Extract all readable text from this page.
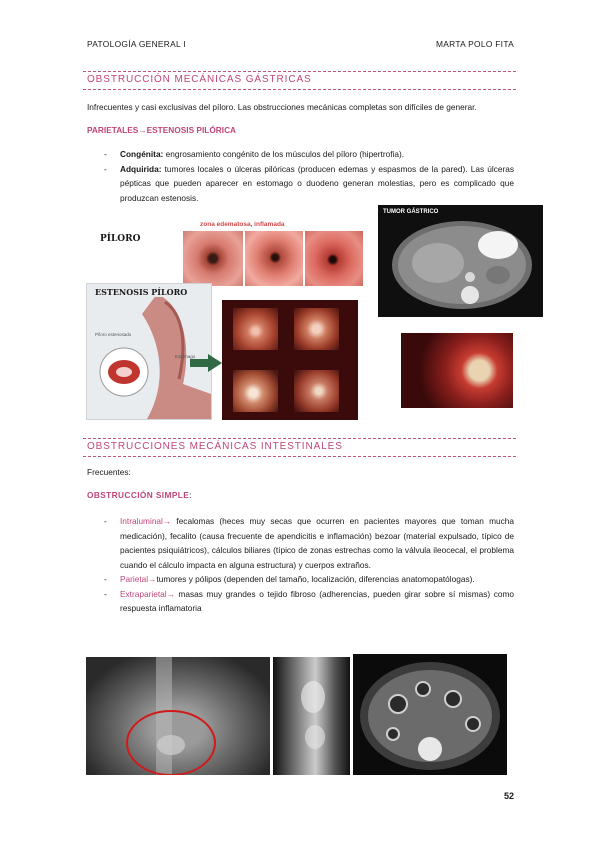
PATOLOGÍA GENERAL I	MARTA POLO FITA
OBSTRUCCIÓN MECÁNICAS GÁSTRICAS
Infrecuentes y casi exclusivas del píloro. Las obstrucciones mecánicas completas son difíciles de generar.
PARIETALES→ESTENOSIS PILÓRICA
- Congénita: engrosamiento congénito de los músculos del píloro (hipertrofia).
- Adquirida: tumores locales o úlceras pilóricas (producen edemas y espasmos de la pared). Las úlceras pépticas que pueden aparecer en estomago o duodeno generan molestias, pero es complicado que produzcan estenosis.
PÍLORO
zona edematosa, inflamada
TUMOR GÁSTRICO
Píloro estenosado
Estómago
ESTENOSIS PÍLORO
OBSTRUCCIONES MECÁNICAS INTESTINALES
Frecuentes:
OBSTRUCCIÓN SIMPLE:
- Intraluminal→ fecalomas (heces muy secas que ocurren en pacientes mayores que toman mucha medicación), fecalito (causa frecuente de apendicitis e inflamación) bezoar (material expulsado, típico de pacientes psiquiátricos), cálculos biliares (típico de zonas estrechas como la válvula ileocecal, el problema cuando el cálculo impacta en alguna estructura) y cuerpos extraños.
- Parietal→tumores y pólipos (dependen del tamaño, localización, diferencias anatomopatólogas).
- Extraparietal→ masas muy grandes o tejido fibroso (adherencias, pueden girar sobre sí mismas) como respuesta inflamatoria
52
